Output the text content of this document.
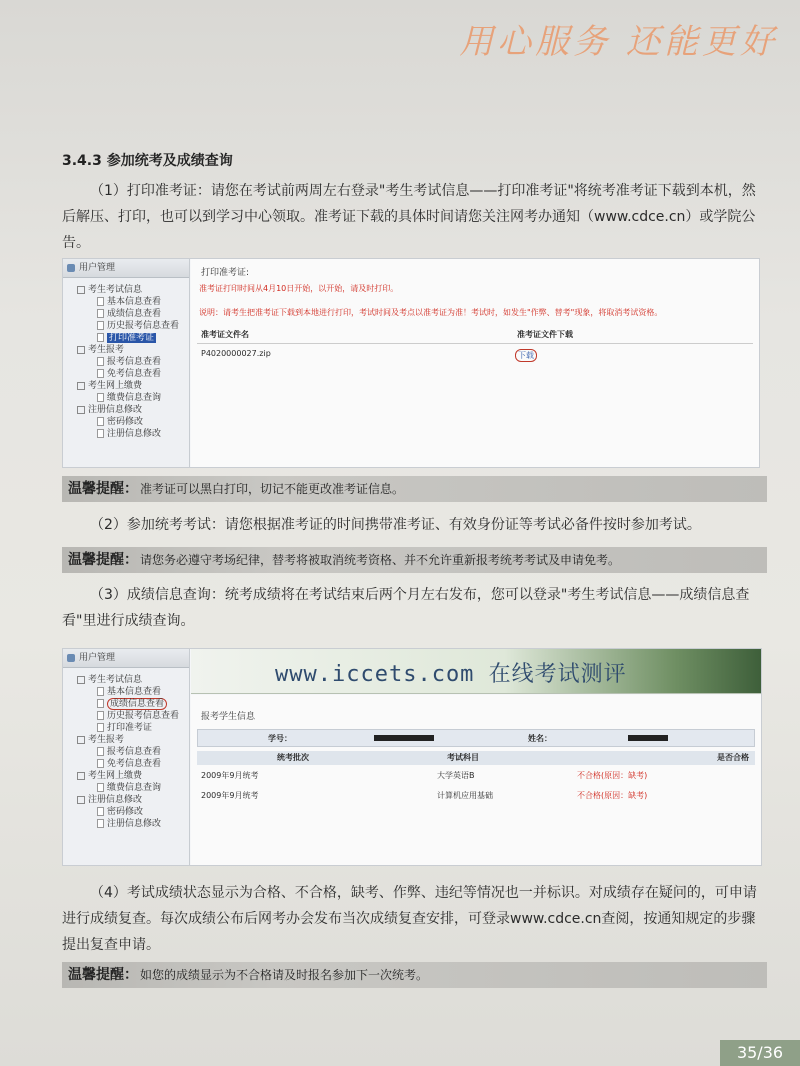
用心服务 还能更好
3.4.3 参加统考及成绩查询
（1）打印准考证：请您在考试前两周左右登录"考生考试信息——打印准考证"将统考准考证下载到本机，然后解压、打印，也可以到学习中心领取。准考证下载的具体时间请您关注网考办通知（www.cdce.cn）或学院公告。
用户管理
考生考试信息
基本信息查看
成绩信息查看
历史报考信息查看
打印准考证
考生报考
报考信息查看
免考信息查看
考生网上缴费
缴费信息查询
注册信息修改
密码修改
注册信息修改
打印准考证:
准考证打印时间从4月10日开始，以开始，请及时打印。
说明：请考生把准考证下载到本地进行打印，考试时间及考点以准考证为准！考试时，如发生"作弊、替考"现象，将取消考试资格。
准考证文件名	准考证文件下载
P4020000027.zip	下载
温馨提醒： 准考证可以黑白打印，切记不能更改准考证信息。
（2）参加统考考试：请您根据准考证的时间携带准考证、有效身份证等考试必备件按时参加考试。
温馨提醒： 请您务必遵守考场纪律，替考将被取消统考资格、并不允许重新报考统考考试及申请免考。
（3）成绩信息查询：统考成绩将在考试结束后两个月左右发布，您可以登录"考生考试信息——成绩信息查看"里进行成绩查询。
用户管理
考生考试信息
基本信息查看
成绩信息查看
历史报考信息查看
打印准考证
考生报考
报考信息查看
免考信息查看
考生网上缴费
缴费信息查询
注册信息修改
密码修改
注册信息修改
www.iccets.com 在线考试测评
报考学生信息
学号：	姓名：
统考批次	考试科目	是否合格
2009年9月统考	大学英语B	不合格(原因：缺考)
2009年9月统考	计算机应用基础	不合格(原因：缺考)
（4）考试成绩状态显示为合格、不合格，缺考、作弊、违纪等情况也一并标识。对成绩存在疑问的，可申请进行成绩复查。每次成绩公布后网考办会发布当次成绩复查安排，可登录www.cdce.cn查阅，按通知规定的步骤提出复查申请。
温馨提醒： 如您的成绩显示为不合格请及时报名参加下一次统考。
35/36
